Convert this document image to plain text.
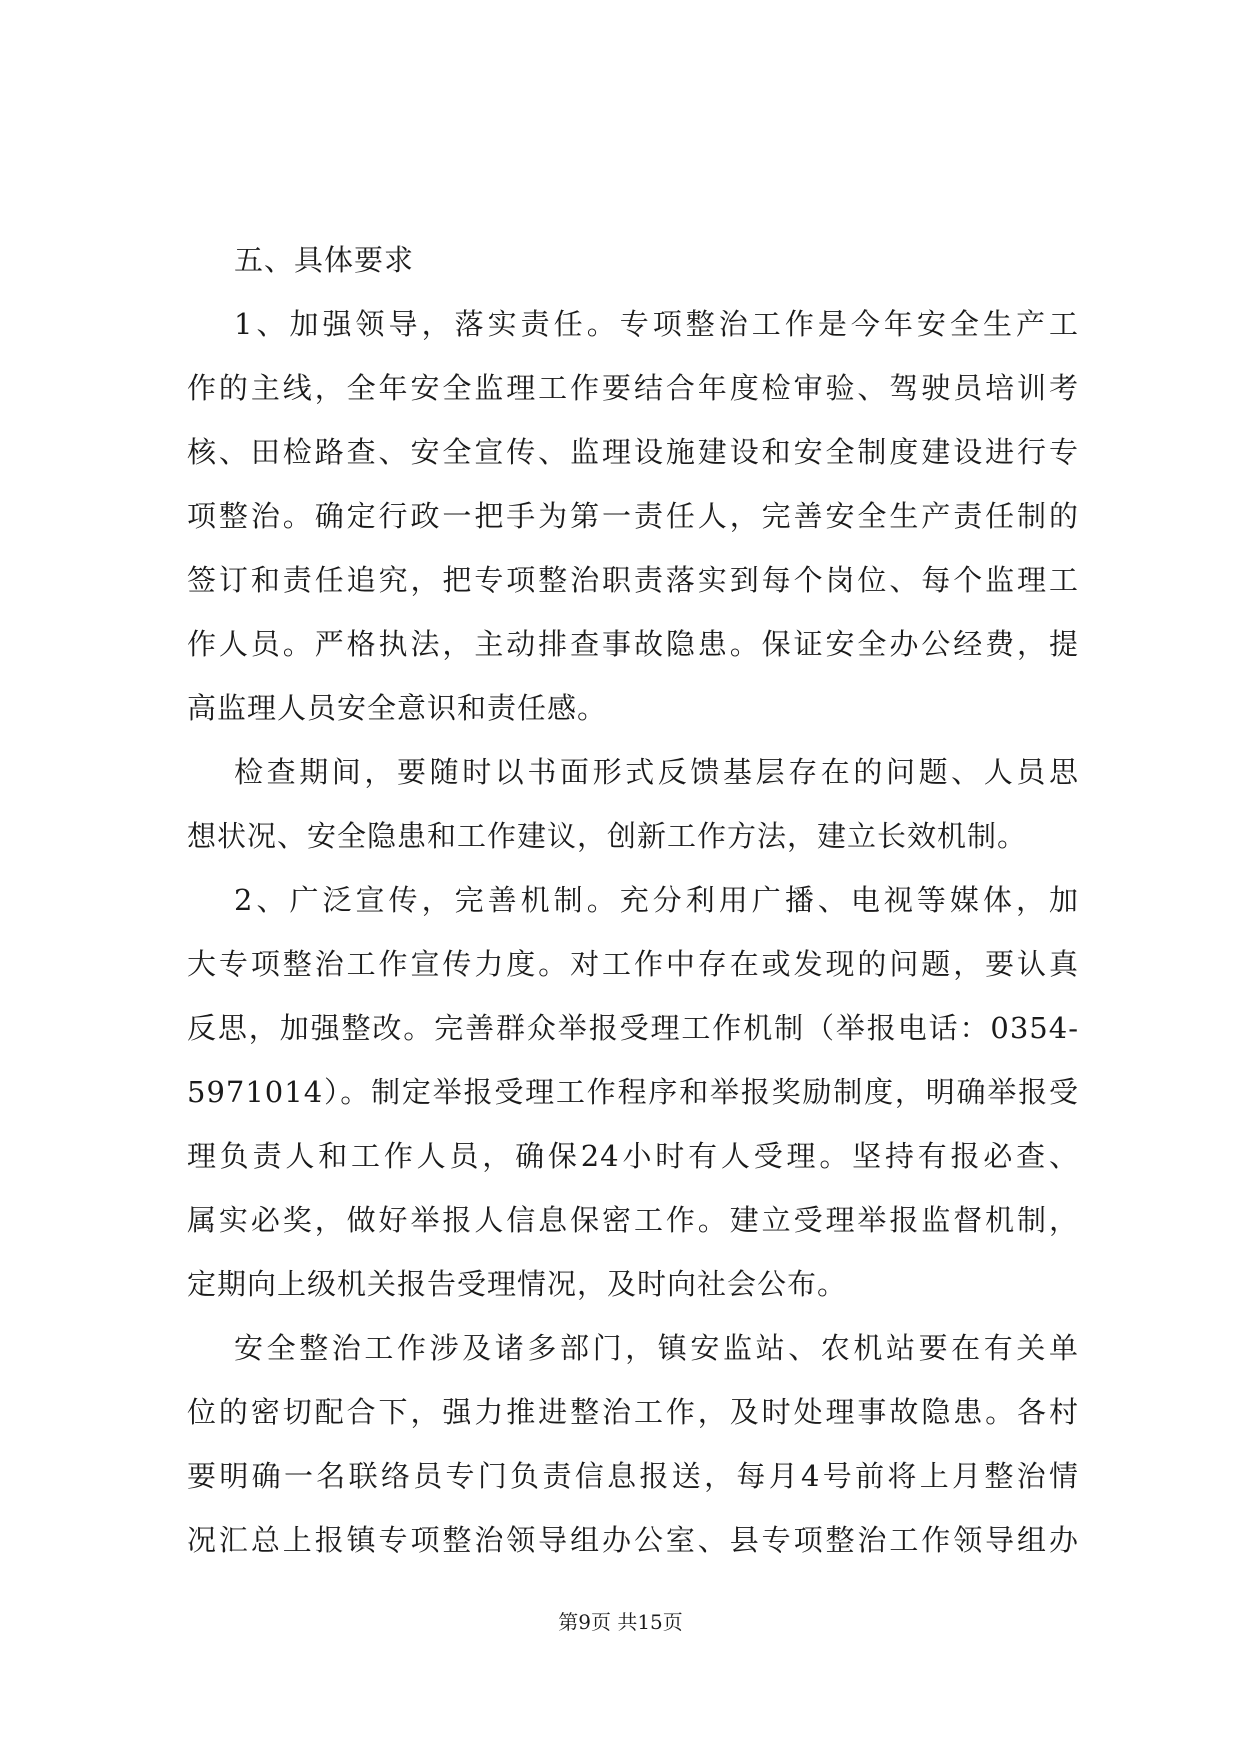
五、具体要求
1、加强领导，落实责任。专项整治工作是今年安全生产工
作的主线，全年安全监理工作要结合年度检审验、驾驶员培训考
核、田检路查、安全宣传、监理设施建设和安全制度建设进行专
项整治。确定行政一把手为第一责任人，完善安全生产责任制的
签订和责任追究，把专项整治职责落实到每个岗位、每个监理工
作人员。严格执法，主动排查事故隐患。保证安全办公经费，提
高监理人员安全意识和责任感。
检查期间，要随时以书面形式反馈基层存在的问题、人员思
想状况、安全隐患和工作建议，创新工作方法，建立长效机制。
2、广泛宣传，完善机制。充分利用广播、电视等媒体，加
大专项整治工作宣传力度。对工作中存在或发现的问题，要认真
反思，加强整改。完善群众举报受理工作机制（举报电话：0354-
5971014）。制定举报受理工作程序和举报奖励制度，明确举报受
理负责人和工作人员，确保24小时有人受理。坚持有报必查、
属实必奖，做好举报人信息保密工作。建立受理举报监督机制，
定期向上级机关报告受理情况，及时向社会公布。
安全整治工作涉及诸多部门，镇安监站、农机站要在有关单
位的密切配合下，强力推进整治工作，及时处理事故隐患。各村
要明确一名联络员专门负责信息报送，每月4号前将上月整治情
况汇总上报镇专项整治领导组办公室、县专项整治工作领导组办
第9页 共15页
